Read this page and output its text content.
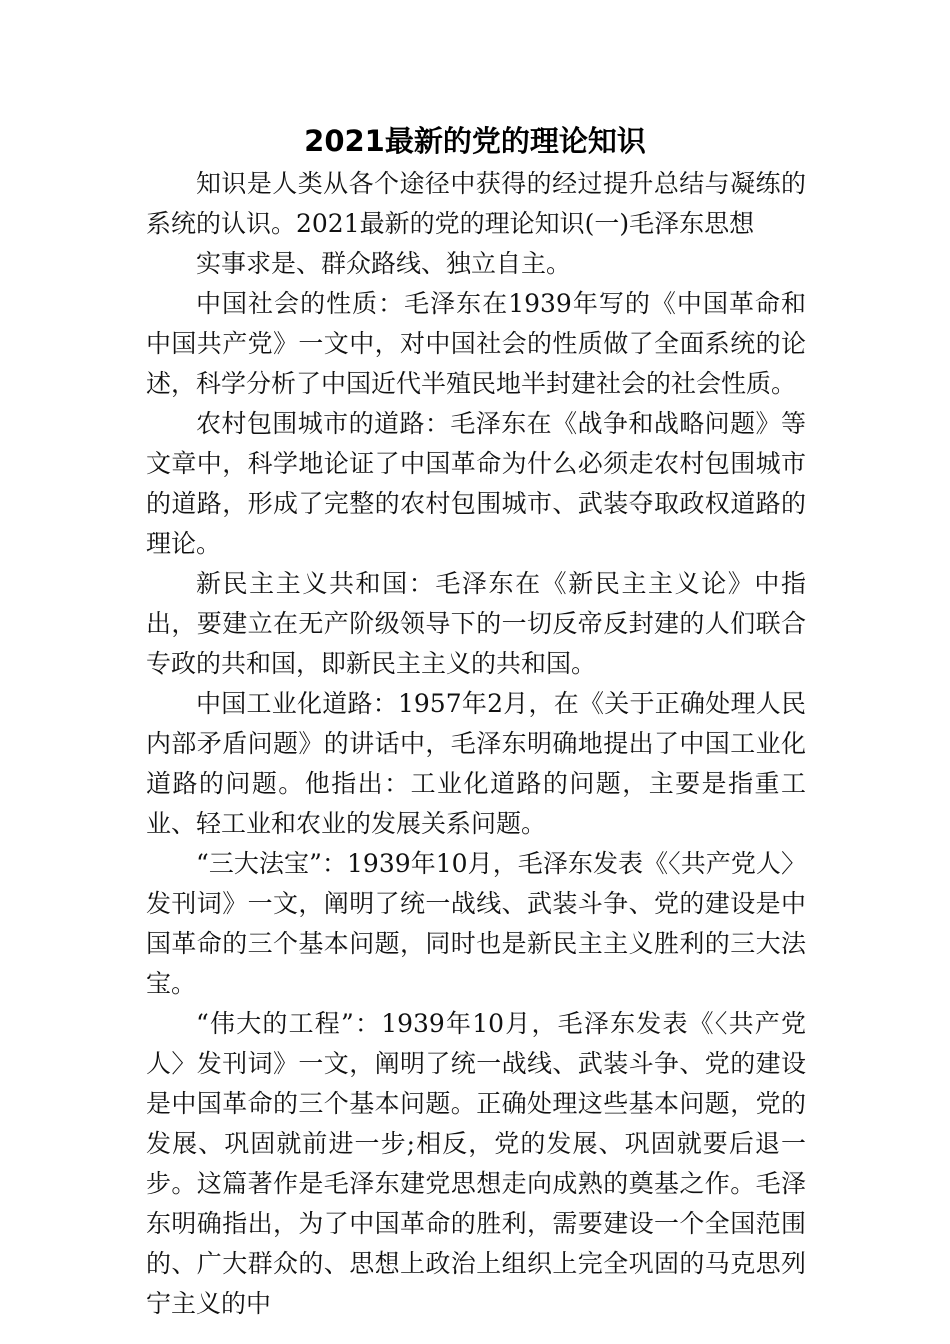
2021最新的党的理论知识

知识是人类从各个途径中获得的经过提升总结与凝练的系统的认识。2021最新的党的理论知识(一)毛泽东思想

实事求是、群众路线、独立自主。

中国社会的性质：毛泽东在1939年写的《中国革命和中国共产党》一文中，对中国社会的性质做了全面系统的论述，科学分析了中国近代半殖民地半封建社会的社会性质。

农村包围城市的道路：毛泽东在《战争和战略问题》等文章中，科学地论证了中国革命为什么必须走农村包围城市的道路，形成了完整的农村包围城市、武装夺取政权道路的理论。

新民主主义共和国：毛泽东在《新民主主义论》中指出，要建立在无产阶级领导下的一切反帝反封建的人们联合专政的共和国，即新民主主义的共和国。

中国工业化道路：1957年2月，在《关于正确处理人民内部矛盾问题》的讲话中，毛泽东明确地提出了中国工业化道路的问题。他指出：工业化道路的问题，主要是指重工业、轻工业和农业的发展关系问题。

“三大法宝”：1939年10月，毛泽东发表《〈共产党人〉发刊词》一文，阐明了统一战线、武装斗争、党的建设是中国革命的三个基本问题，同时也是新民主主义胜利的三大法宝。

“伟大的工程”：1939年10月，毛泽东发表《〈共产党人〉发刊词》一文，阐明了统一战线、武装斗争、党的建设是中国革命的三个基本问题。正确处理这些基本问题，党的发展、巩固就前进一步;相反，党的发展、巩固就要后退一步。这篇著作是毛泽东建党思想走向成熟的奠基之作。毛泽东明确指出，为了中国革命的胜利，需要建设一个全国范围的、广大群众的、思想上政治上组织上完全巩固的马克思列宁主义的中
